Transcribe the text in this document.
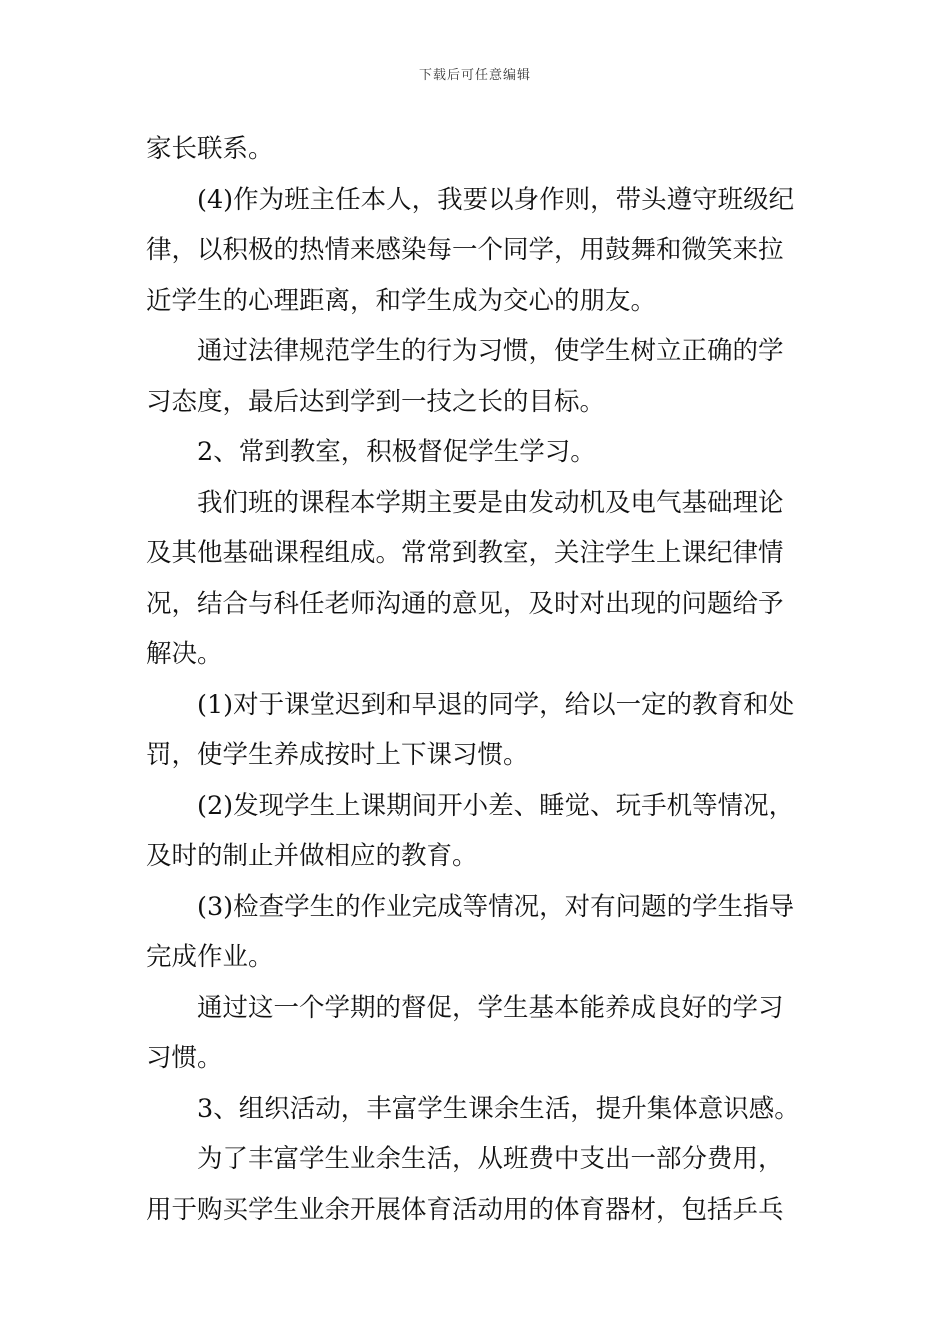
下载后可任意编辑
家长联系。
(4)作为班主任本人，我要以身作则，带头遵守班级纪
律，以积极的热情来感染每一个同学，用鼓舞和微笑来拉
近学生的心理距离，和学生成为交心的朋友。
通过法律规范学生的行为习惯，使学生树立正确的学
习态度，最后达到学到一技之长的目标。
2、常到教室，积极督促学生学习。
我们班的课程本学期主要是由发动机及电气基础理论
及其他基础课程组成。常常到教室，关注学生上课纪律情
况，结合与科任老师沟通的意见，及时对出现的问题给予
解决。
(1)对于课堂迟到和早退的同学，给以一定的教育和处
罚，使学生养成按时上下课习惯。
(2)发现学生上课期间开小差、睡觉、玩手机等情况，
及时的制止并做相应的教育。
(3)检查学生的作业完成等情况，对有问题的学生指导
完成作业。
通过这一个学期的督促，学生基本能养成良好的学习
习惯。
3、组织活动，丰富学生课余生活，提升集体意识感。
为了丰富学生业余生活，从班费中支出一部分费用，
用于购买学生业余开展体育活动用的体育器材，包括乒乓
